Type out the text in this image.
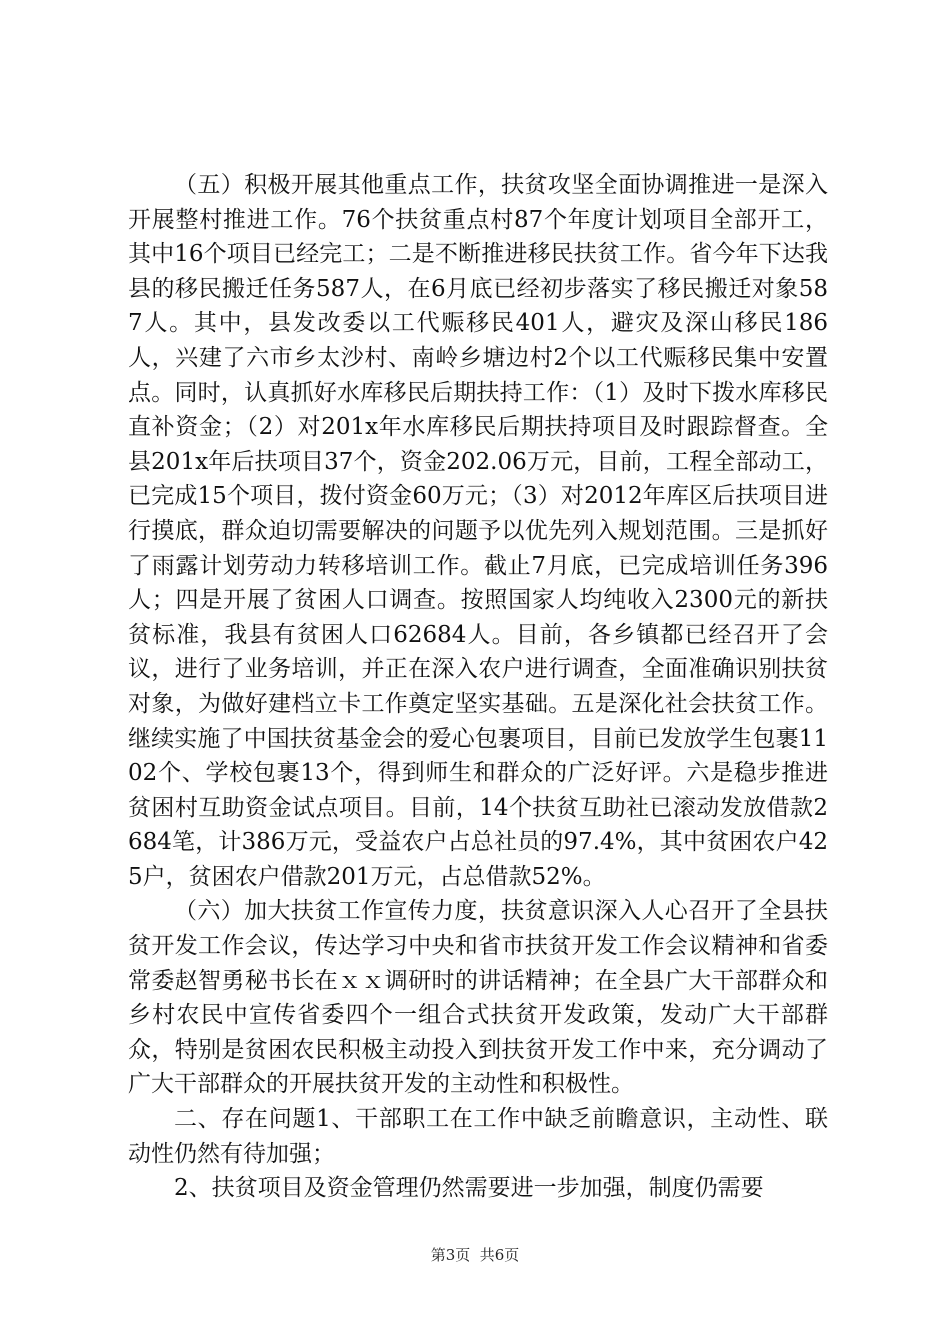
（五）积极开展其他重点工作，扶贫攻坚全面协调推进一是深入开展整村推进工作。76个扶贫重点村87个年度计划项目全部开工，其中16个项目已经完工；二是不断推进移民扶贫工作。省今年下达我县的移民搬迁任务587人，在6月底已经初步落实了移民搬迁对象587人。其中，县发改委以工代赈移民401人，避灾及深山移民186人，兴建了六市乡太沙村、南岭乡塘边村2个以工代赈移民集中安置点。同时，认真抓好水库移民后期扶持工作：（1）及时下拨水库移民直补资金；（2）对201x年水库移民后期扶持项目及时跟踪督查。全县201x年后扶项目37个，资金202.06万元，目前，工程全部动工，已完成15个项目，拨付资金60万元；（3）对2012年库区后扶项目进行摸底，群众迫切需要解决的问题予以优先列入规划范围。三是抓好了雨露计划劳动力转移培训工作。截止7月底，已完成培训任务396人；四是开展了贫困人口调查。按照国家人均纯收入2300元的新扶贫标准，我县有贫困人口62684人。目前，各乡镇都已经召开了会议，进行了业务培训，并正在深入农户进行调查，全面准确识别扶贫对象，为做好建档立卡工作奠定坚实基础。五是深化社会扶贫工作。继续实施了中国扶贫基金会的爱心包裹项目，目前已发放学生包裹1102个、学校包裹13个，得到师生和群众的广泛好评。六是稳步推进贫困村互助资金试点项目。目前，14个扶贫互助社已滚动发放借款2684笔，计386万元，受益农户占总社员的97.4%，其中贫困农户425户，贫困农户借款201万元，占总借款52%。

（六）加大扶贫工作宣传力度，扶贫意识深入人心召开了全县扶贫开发工作会议，传达学习中央和省市扶贫开发工作会议精神和省委常委赵智勇秘书长在ｘｘ调研时的讲话精神；在全县广大干部群众和乡村农民中宣传省委四个一组合式扶贫开发政策，发动广大干部群众，特别是贫困农民积极主动投入到扶贫开发工作中来，充分调动了广大干部群众的开展扶贫开发的主动性和积极性。

二、存在问题1、干部职工在工作中缺乏前瞻意识，主动性、联动性仍然有待加强；

2、扶贫项目及资金管理仍然需要进一步加强，制度仍需要

第3页  共6页
